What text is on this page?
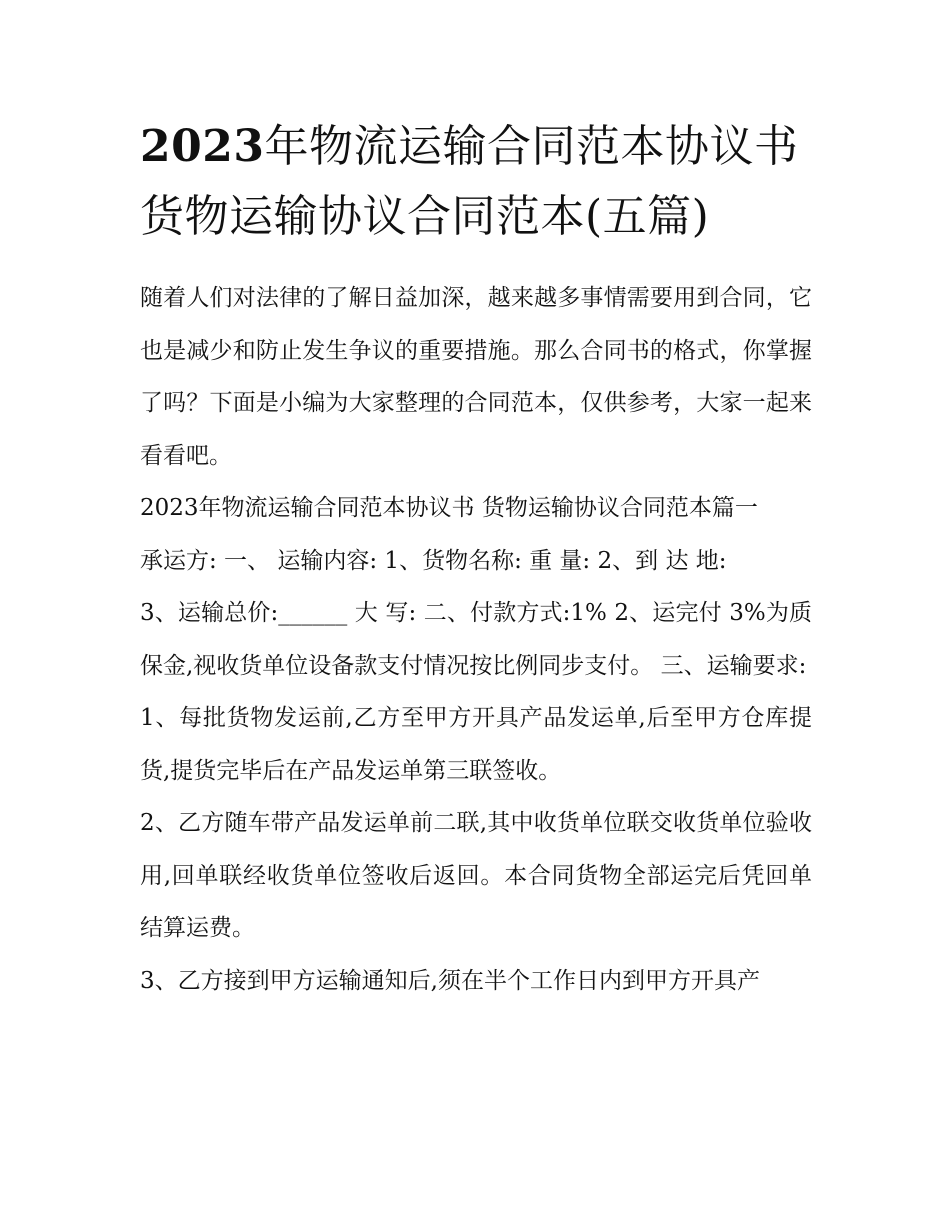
2023年物流运输合同范本协议书 货物运输协议合同范本(五篇)

随着人们对法律的了解日益加深，越来越多事情需要用到合同，它也是减少和防止发生争议的重要措施。那么合同书的格式，你掌握了吗？下面是小编为大家整理的合同范本，仅供参考，大家一起来看看吧。

2023年物流运输合同范本协议书 货物运输协议合同范本篇一

承运方: 一、 运输内容: 1、货物名称: 重 量: 2、到 达 地:

3、运输总价:______ 大 写: 二、付款方式:1% 2、运完付 3%为质保金,视收货单位设备款支付情况按比例同步支付。 三、运输要求:

1、每批货物发运前,乙方至甲方开具产品发运单,后至甲方仓库提货,提货完毕后在产品发运单第三联签收。

2、乙方随车带产品发运单前二联,其中收货单位联交收货单位验收用,回单联经收货单位签收后返回。本合同货物全部运完后凭回单结算运费。

3、乙方接到甲方运输通知后,须在半个工作日内到甲方开具产
